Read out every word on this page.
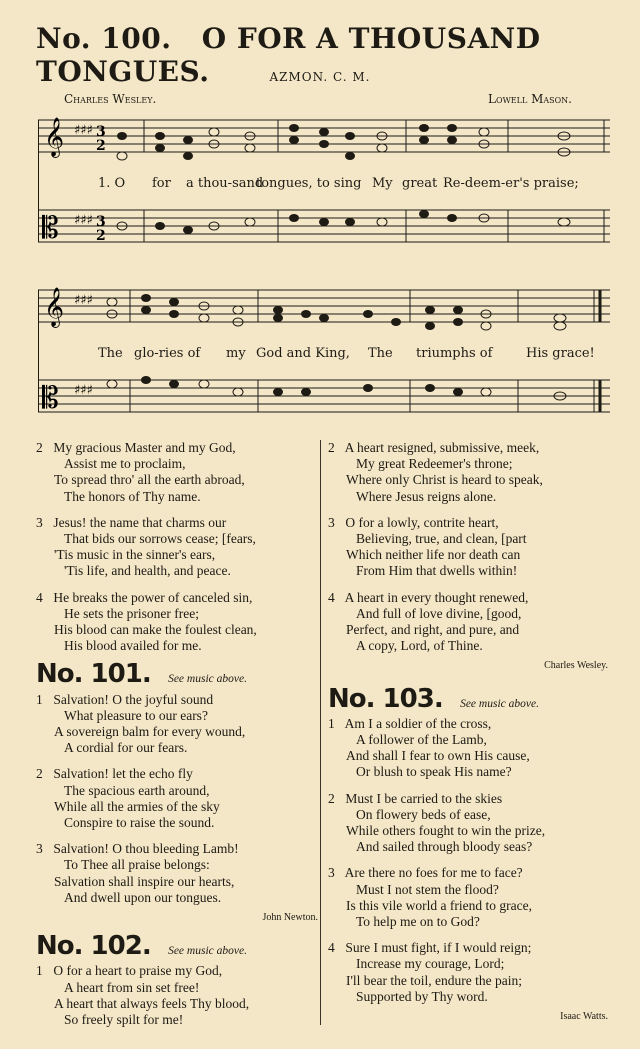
No. 100. O FOR A THOUSAND TONGUES.	AZMON. C. M.
Charles Wesley.	Lowell Mason.
𝄞
𝄡
♯♯♯
♯♯♯
3
2
3
2
1. O for a thou-sand
tongues, to sing My great Re-deem-er's praise;
𝄞
𝄡
♯♯♯
♯♯♯
The glo-ries of my God and King, The triumphs of	His grace!
2 My gracious Master and my God,
Assist me to proclaim,
To spread thro' all the earth abroad,
The honors of Thy name.
3 Jesus! the name that charms our
That bids our sorrows cease; [fears,
'Tis music in the sinner's ears,
'Tis life, and health, and peace.
4 He breaks the power of canceled sin,
He sets the prisoner free;
His blood can make the foulest clean,
His blood availed for me.
No. 101. See music above.
1 Salvation! O the joyful sound
What pleasure to our ears?
A sovereign balm for every wound,
A cordial for our fears.
2 Salvation! let the echo fly
The spacious earth around,
While all the armies of the sky
Conspire to raise the sound.
3 Salvation! O thou bleeding Lamb!
To Thee all praise belongs:
Salvation shall inspire our hearts,
And dwell upon our tongues.
John Newton.
No. 102. See music above.
1 O for a heart to praise my God,
A heart from sin set free!
A heart that always feels Thy blood,
So freely spilt for me!
2 A heart resigned, submissive, meek,
My great Redeemer's throne;
Where only Christ is heard to speak,
Where Jesus reigns alone.
3 O for a lowly, contrite heart,
Believing, true, and clean, [part
Which neither life nor death can
From Him that dwells within!
4 A heart in every thought renewed,
And full of love divine, [good,
Perfect, and right, and pure, and
A copy, Lord, of Thine.
Charles Wesley.
No. 103. See music above.
1 Am I a soldier of the cross,
A follower of the Lamb,
And shall I fear to own His cause,
Or blush to speak His name?
2 Must I be carried to the skies
On flowery beds of ease,
While others fought to win the prize,
And sailed through bloody seas?
3 Are there no foes for me to face?
Must I not stem the flood?
Is this vile world a friend to grace,
To help me on to God?
4 Sure I must fight, if I would reign;
Increase my courage, Lord;
I'll bear the toil, endure the pain;
Supported by Thy word.
Isaac Watts.
